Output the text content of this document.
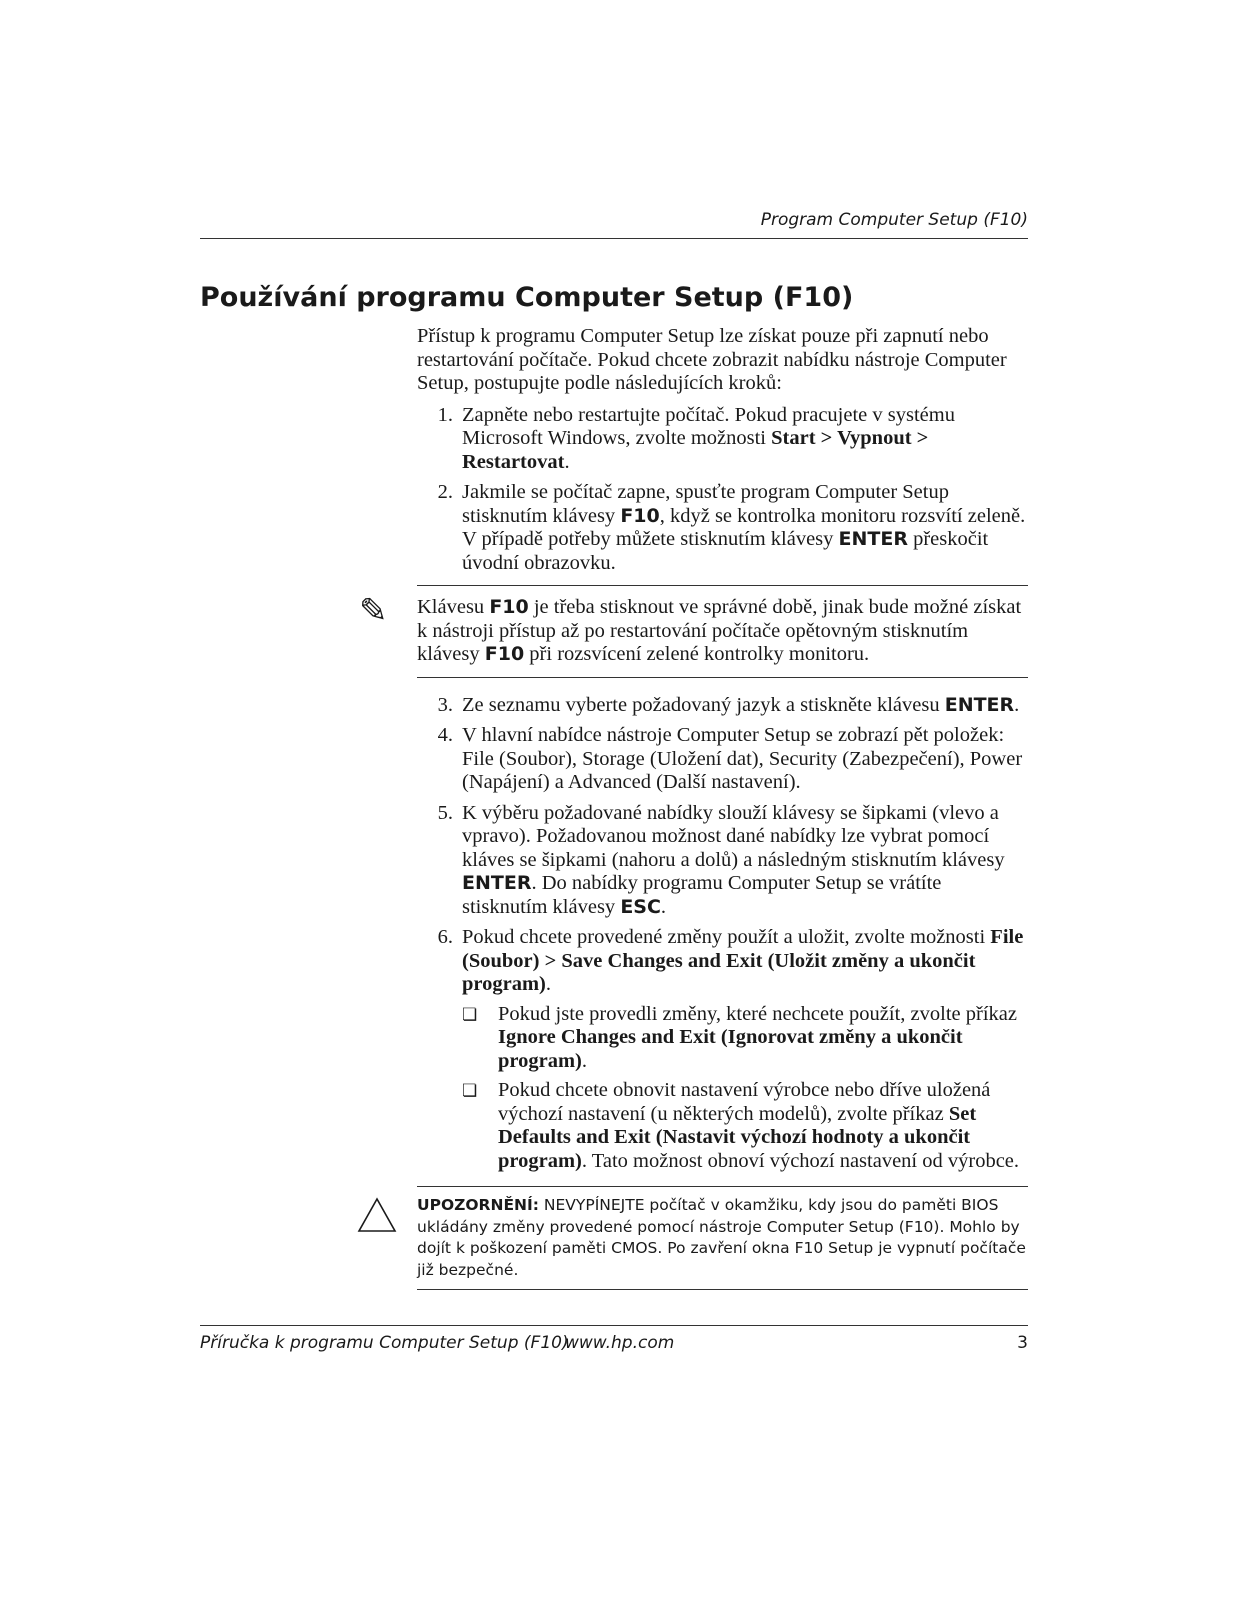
Program Computer Setup (F10)
Používání programu Computer Setup (F10)

Přístup k programu Computer Setup lze získat pouze při zapnutí nebo restartování počítače. Pokud chcete zobrazit nabídku nástroje Computer Setup, postupujte podle následujících kroků:

1. Zapněte nebo restartujte počítač. Pokud pracujete v systému Microsoft Windows, zvolte možnosti Start > Vypnout > Restartovat.
2. Jakmile se počítač zapne, spusťte program Computer Setup stisknutím klávesy F10, když se kontrolka monitoru rozsvítí zeleně. V případě potřeby můžete stisknutím klávesy ENTER přeskočit úvodní obrazovku.
✎ Klávesu F10 je třeba stisknout ve správné době, jinak bude možné získat k nástroji přístup až po restartování počítače opětovným stisknutím klávesy F10 při rozsvícení zelené kontrolky monitoru.

3. Ze seznamu vyberte požadovaný jazyk a stiskněte klávesu ENTER.
4. V hlavní nabídce nástroje Computer Setup se zobrazí pět položek: File (Soubor), Storage (Uložení dat), Security (Zabezpečení), Power (Napájení) a Advanced (Další nastavení).
5. K výběru požadované nabídky slouží klávesy se šipkami (vlevo a vpravo). Požadovanou možnost dané nabídky lze vybrat pomocí kláves se šipkami (nahoru a dolů) a následným stisknutím klávesy ENTER. Do nabídky programu Computer Setup se vrátíte stisknutím klávesy ESC.
6. Pokud chcete provedené změny použít a uložit, zvolte možnosti File (Soubor) > Save Changes and Exit (Uložit změny a ukončit program).
❏	Pokud jste provedli změny, které nechcete použít, zvolte příkaz Ignore Changes and Exit (Ignorovat změny a ukončit program).
❏	Pokud chcete obnovit nastavení výrobce nebo dříve uložená výchozí nastavení (u některých modelů), zvolte příkaz Set Defaults and Exit (Nastavit výchozí hodnoty a ukončit program). Tato možnost obnoví výchozí nastavení od výrobce.

UPOZORNĚNÍ: NEVYPÍNEJTE počítač v okamžiku, kdy jsou do paměti BIOS ukládány změny provedené pomocí nástroje Computer Setup (F10). Mohlo by dojít k poškození paměti CMOS. Po zavření okna F10 Setup je vypnutí počítače již bezpečné.

Příručka k programu Computer Setup (F10)
www.hp.com	3
